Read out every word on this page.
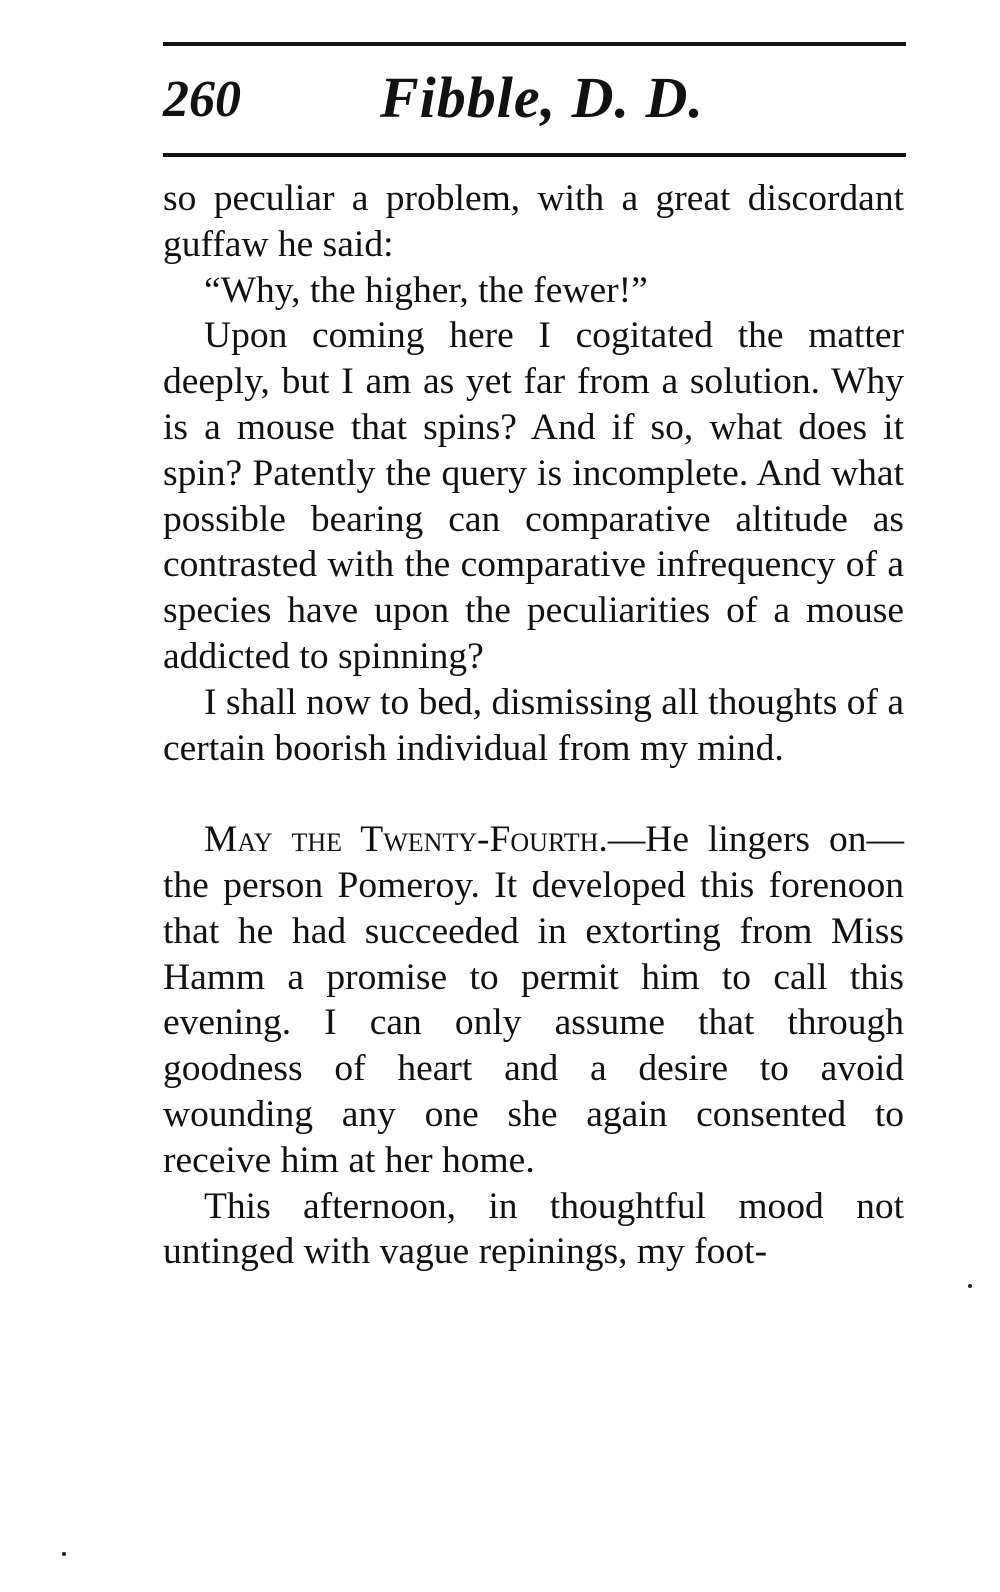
260 Fibble, D. D.

so peculiar a problem, with a great discordant guffaw he said:

“Why, the higher, the fewer!”

Upon coming here I cogitated the matter deeply, but I am as yet far from a solution. Why is a mouse that spins? And if so, what does it spin? Patently the query is incomplete. And what possible bearing can comparative altitude as contrasted with the comparative infrequency of a species have upon the peculiarities of a mouse addicted to spinning?

I shall now to bed, dismissing all thoughts of a certain boorish individual from my mind.

May the Twenty-Fourth.—He lingers on—the person Pomeroy. It developed this forenoon that he had succeeded in extorting from Miss Hamm a promise to permit him to call this evening. I can only assume that through goodness of heart and a desire to avoid wounding any one she again consented to receive him at her home.

This afternoon, in thoughtful mood not untinged with vague repinings, my foot-
